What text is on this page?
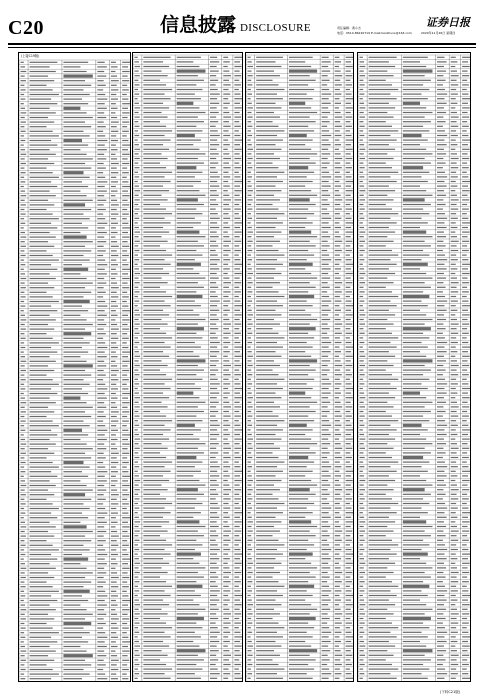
C20	信息披露 DISCLOSURE	责任编辑：黄小志
电话：0514-86220719 E-mail:kanzhuxx@163.com
证券日报
2020年11月26日 星期四
(上接C19版)
(下转C21版)
